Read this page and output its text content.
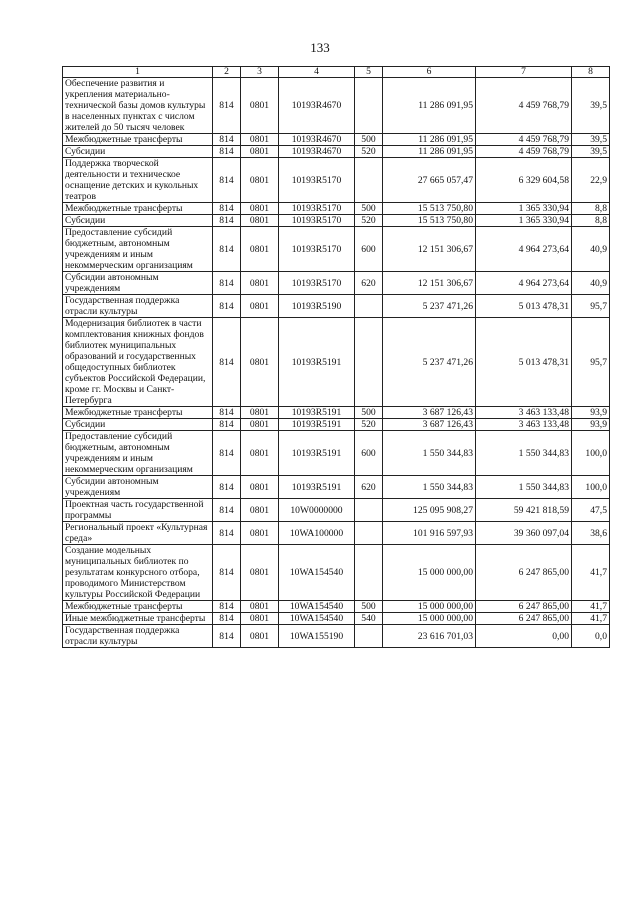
133
1	2	3	4	5	6	7	8
Обеспечение развития и укрепления материально-технической базы домов культуры в населенных пунктах с числом жителей до 50 тысяч человек	814	0801	10193R4670		11 286 091,95	4 459 768,79	39,5
Межбюджетные трансферты	814	0801	10193R4670	500	11 286 091,95	4 459 768,79	39,5
Субсидии	814	0801	10193R4670	520	11 286 091,95	4 459 768,79	39,5
Поддержка творческой деятельности и техническое оснащение детских и кукольных театров	814	0801	10193R5170		27 665 057,47	6 329 604,58	22,9
Межбюджетные трансферты	814	0801	10193R5170	500	15 513 750,80	1 365 330,94	8,8
Субсидии	814	0801	10193R5170	520	15 513 750,80	1 365 330,94	8,8
Предоставление субсидий бюджетным, автономным учреждениям и иным некоммерческим организациям	814	0801	10193R5170	600	12 151 306,67	4 964 273,64	40,9
Субсидии автономным учреждениям	814	0801	10193R5170	620	12 151 306,67	4 964 273,64	40,9
Государственная поддержка отрасли культуры	814	0801	10193R5190		5 237 471,26	5 013 478,31	95,7
Модернизация библиотек в части комплектования книжных фондов библиотек муниципальных образований и государственных общедоступных библиотек субъектов Российской Федерации, кроме гг. Москвы и Санкт-Петербурга	814	0801	10193R5191		5 237 471,26	5 013 478,31	95,7
Межбюджетные трансферты	814	0801	10193R5191	500	3 687 126,43	3 463 133,48	93,9
Субсидии	814	0801	10193R5191	520	3 687 126,43	3 463 133,48	93,9
Предоставление субсидий бюджетным, автономным учреждениям и иным некоммерческим организациям	814	0801	10193R5191	600	1 550 344,83	1 550 344,83	100,0
Субсидии автономным учреждениям	814	0801	10193R5191	620	1 550 344,83	1 550 344,83	100,0
Проектная часть государственной программы	814	0801	10W0000000		125 095 908,27	59 421 818,59	47,5
Региональный проект «Культурная среда»	814	0801	10WA100000		101 916 597,93	39 360 097,04	38,6
Создание модельных муниципальных библиотек по результатам конкурсного отбора, проводимого Министерством культуры Российской Федерации	814	0801	10WA154540		15 000 000,00	6 247 865,00	41,7
Межбюджетные трансферты	814	0801	10WA154540	500	15 000 000,00	6 247 865,00	41,7
Иные межбюджетные трансферты	814	0801	10WA154540	540	15 000 000,00	6 247 865,00	41,7
Государственная поддержка отрасли культуры	814	0801	10WA155190		23 616 701,03	0,00	0,0
